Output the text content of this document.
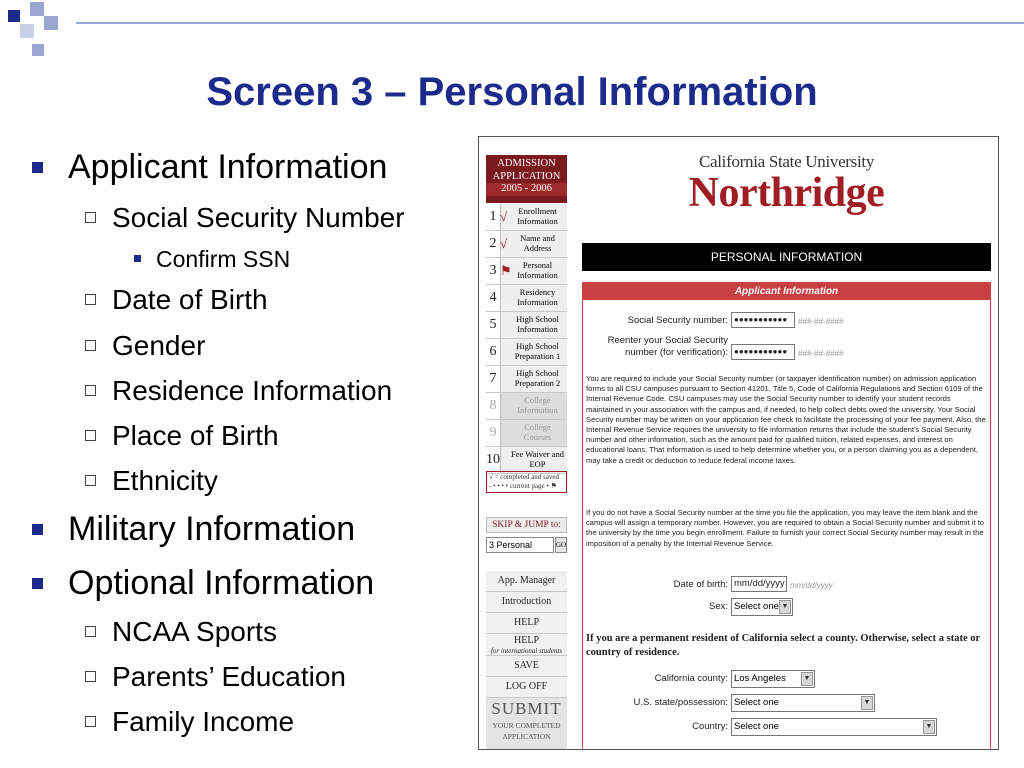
Screen 3 – Personal Information
Applicant Information
Social Security Number
Confirm SSN
Date of Birth
Gender
Residence Information
Place of Birth
Ethnicity
Military Information
Optional Information
NCAA Sports
Parents’ Education
Family Income
ADMISSION
APPLICATION
2005 - 2006
1 √	Enrollment Information
2 √	Name and Address
3 ⚑	Personal Information
4	Residency Information
5	High School Information
6	High School Preparation 1
7	High School Preparation 2
8	College Information
9	College Courses
10 Fee Waiver and EOP
√ = completed and saved
- • • • • current page • ⚑
SKIP & JUMP to:
3 Personal	GO
App. Manager
Introduction
HELP
HELP
for international students
SAVE
LOG OFF
SUBMIT
YOUR COMPLETED
APPLICATION
California State University
Northridge
PERSONAL INFORMATION
Applicant Information
Social Security number: ●●●●●●●●●●●	###-##-####
Reenter your Social Security
number (for verification): ●●●●●●●●●●●	###-##-####
You are required to include your Social Security number (or taxpayer identification number) on admission application forms to all CSU campuses pursuant to Section 41201, Title 5, Code of California Regulations and Section 6109 of the Internal Revenue Code. CSU campuses may use the Social Security number to identify your student records maintained in your association with the campus and, if needed, to help collect debts owed the university. Your Social Security number may be written on your application fee check to facilitate the processing of your fee payment. Also, the Internal Revenue Service requires the university to file information returns that include the student's Social Security number and other information, such as the amount paid for qualified tuition, related expenses, and interest on educational loans. That information is used to help determine whether you, or a person claiming you as a dependent, may take a credit or deduction to reduce federal income taxes.
If you do not have a Social Security number at the time you file the application, you may leave the item blank and the campus will assign a temporary number. However, you are required to obtain a Social Security number and submit it to the university by the time you begin enrollment. Failure to furnish your correct Social Security number may result in the imposition of a penalty by the Internal Revenue Service.
Date of birth: mm/dd/yyyy mm/dd/yyyy
Sex: Select one ▼
If you are a permanent resident of California select a county. Otherwise, select a state or country of residence.
California county: Los Angeles	▼
U.S. state/possession: Select one	▼
Country: Select one	▼
